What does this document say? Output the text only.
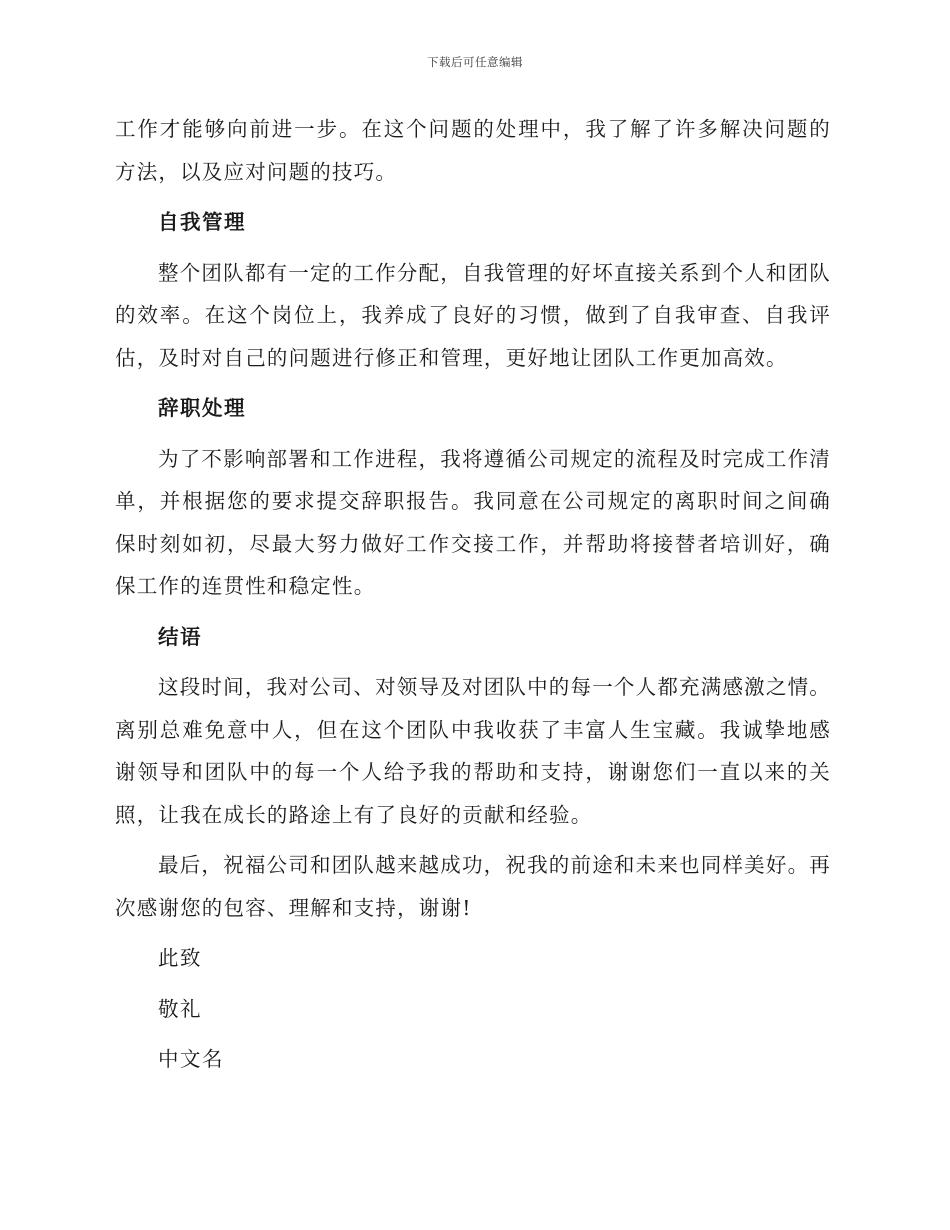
下载后可任意编辑

工作才能够向前进一步。在这个问题的处理中，我了解了许多解决问题的方法，以及应对问题的技巧。

自我管理

整个团队都有一定的工作分配，自我管理的好坏直接关系到个人和团队的效率。在这个岗位上，我养成了良好的习惯，做到了自我审查、自我评估，及时对自己的问题进行修正和管理，更好地让团队工作更加高效。

辞职处理

为了不影响部署和工作进程，我将遵循公司规定的流程及时完成工作清单，并根据您的要求提交辞职报告。我同意在公司规定的离职时间之间确保时刻如初，尽最大努力做好工作交接工作，并帮助将接替者培训好，确保工作的连贯性和稳定性。

结语

这段时间，我对公司、对领导及对团队中的每一个人都充满感激之情。离别总难免意中人，但在这个团队中我收获了丰富人生宝藏。我诚挚地感谢领导和团队中的每一个人给予我的帮助和支持，谢谢您们一直以来的关照，让我在成长的路途上有了良好的贡献和经验。

最后，祝福公司和团队越来越成功，祝我的前途和未来也同样美好。再次感谢您的包容、理解和支持，谢谢!

此致
敬礼
中文名
